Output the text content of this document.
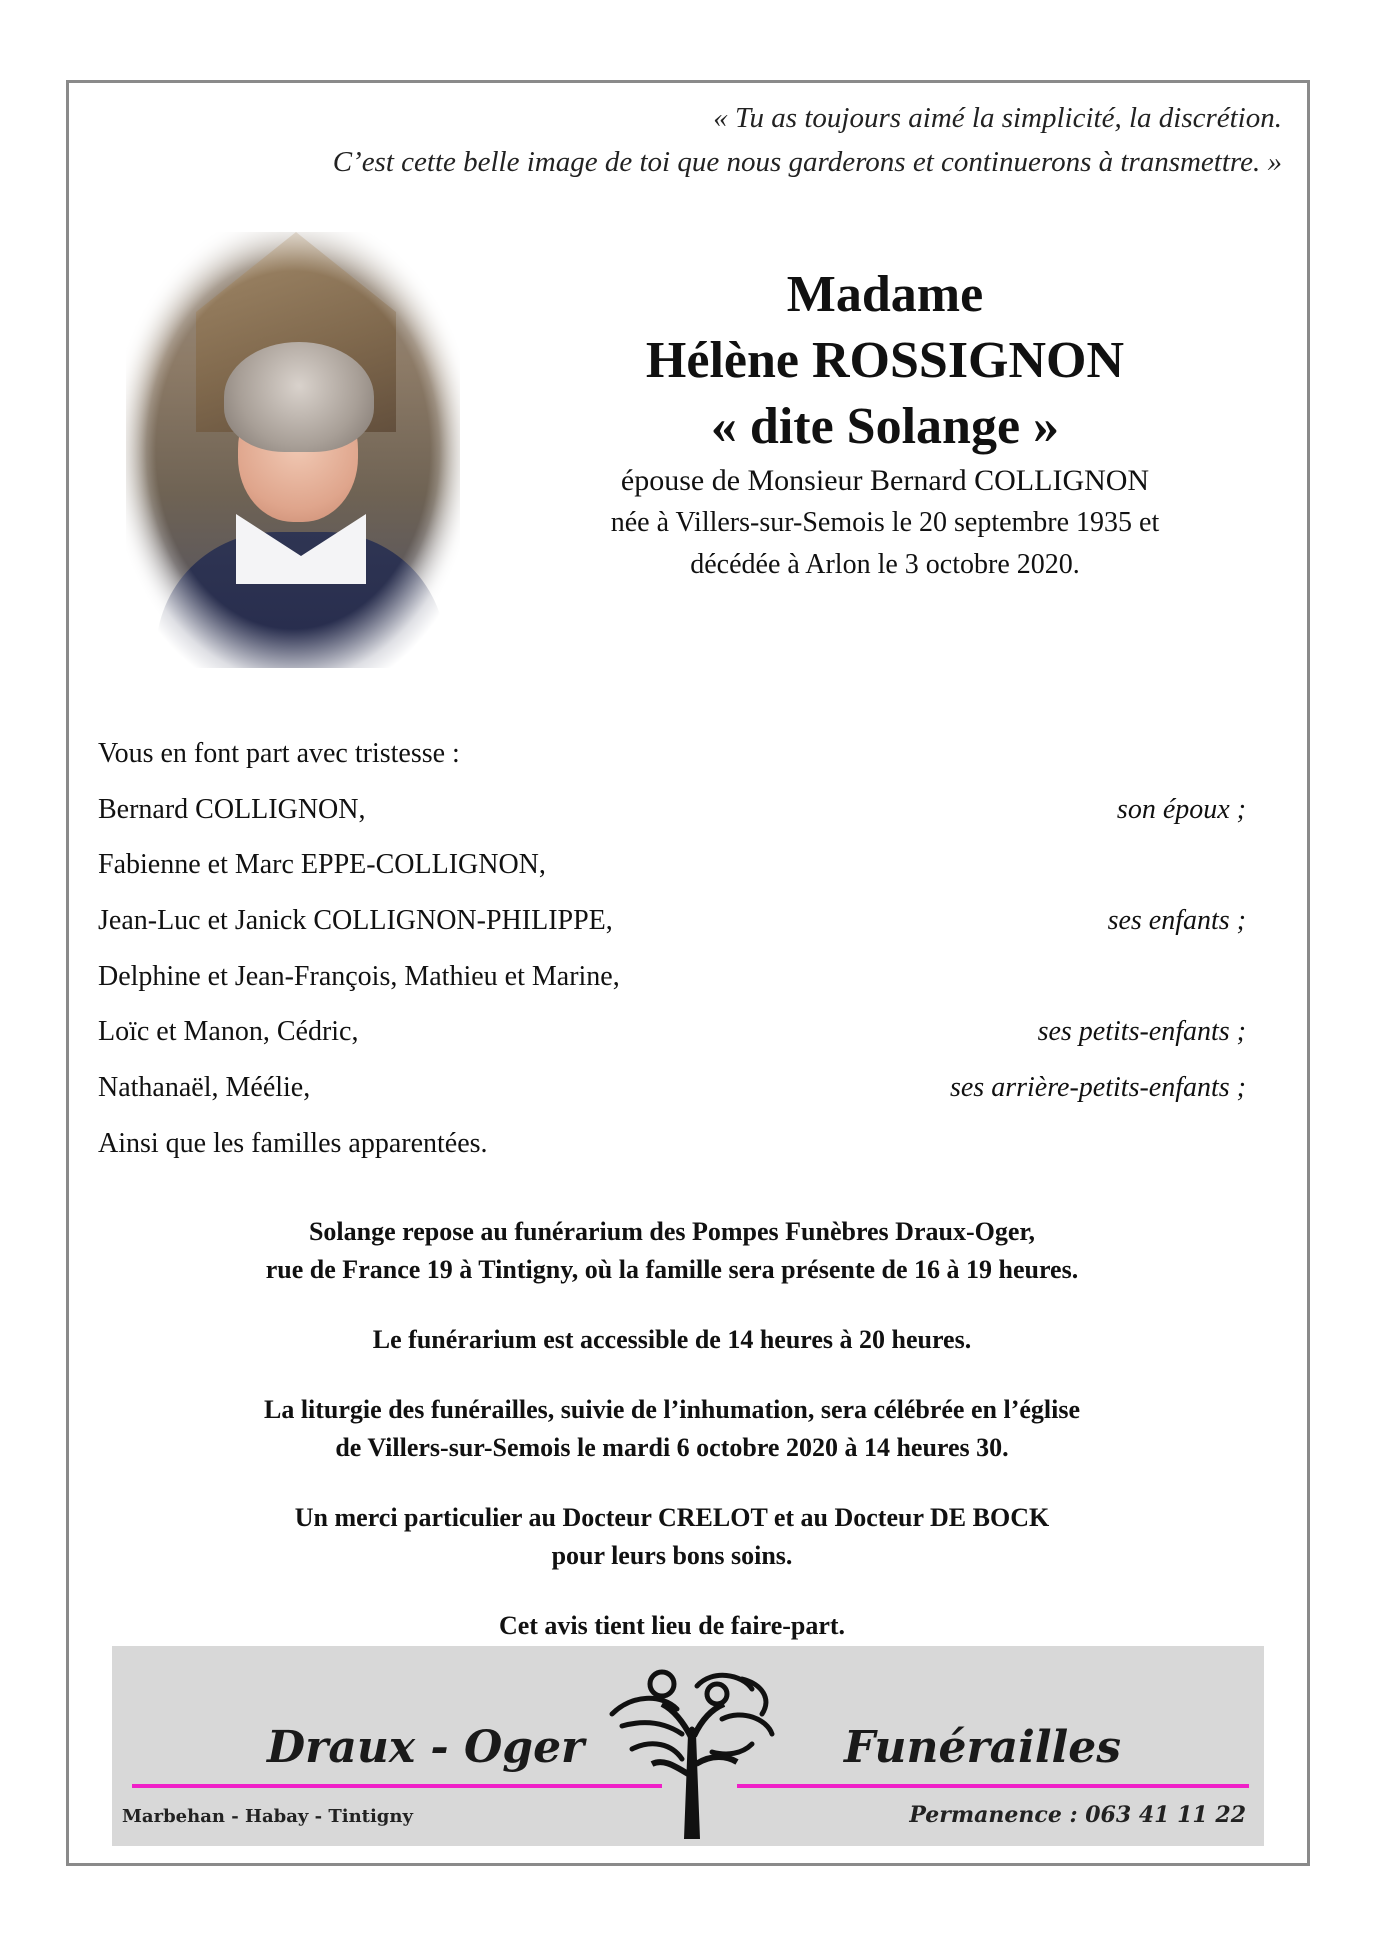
« Tu as toujours aimé la simplicité, la discrétion.
C’est cette belle image de toi que nous garderons et continuerons à transmettre. »
Madame
Hélène ROSSIGNON
« dite Solange »
épouse de Monsieur Bernard COLLIGNON
née à Villers-sur-Semois le 20 septembre 1935 et
décédée à Arlon le 3 octobre 2020.
Vous en font part avec tristesse :
Bernard COLLIGNON,	son époux ;
Fabienne et Marc EPPE-COLLIGNON,
Jean-Luc et Janick COLLIGNON-PHILIPPE,	ses enfants ;
Delphine et Jean-François, Mathieu et Marine,
Loïc et Manon, Cédric,	ses petits-enfants ;
Nathanaël, Méélie,	ses arrière-petits-enfants ;
Ainsi que les familles apparentées.

Solange repose au funérarium des Pompes Funèbres Draux-Oger,
rue de France 19 à Tintigny, où la famille sera présente de 16 à 19 heures.

Le funérarium est accessible de 14 heures à 20 heures.

La liturgie des funérailles, suivie de l’inhumation, sera célébrée en l’église
de Villers-sur-Semois le mardi 6 octobre 2020 à 14 heures 30.

Un merci particulier au Docteur CRELOT et au Docteur DE BOCK
pour leurs bons soins.

Cet avis tient lieu de faire-part.

Draux - Oger	Funérailles
Marbehan - Habay - Tintigny	Permanence : 063 41 11 22
